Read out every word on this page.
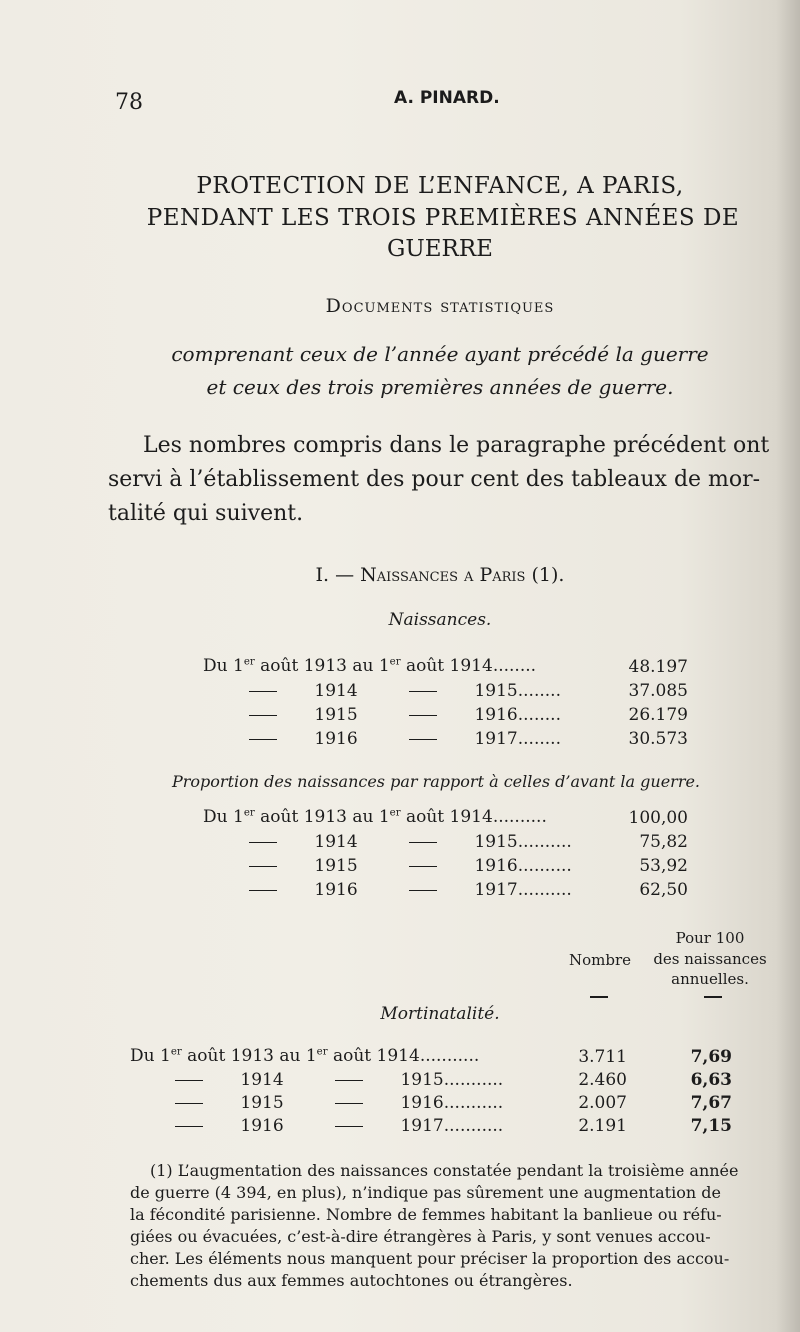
78	A. PINARD.
PROTECTION DE L’ENFANCE, A PARIS,
PENDANT LES TROIS PREMIÈRES ANNÉES DE
GUERRE
Documents statistiques
comprenant ceux de l’année ayant précédé la guerre
et ceux des trois premières années de guerre.
Les nombres compris dans le paragraphe précédent ont
servi à l’établissement des pour cent des tableaux de mor-
talité qui suivent.
I. — Naissances a Paris (1).
Naissances.
Du 1er août 1913 au 1er août 1914........	48.197
1914	1915........	37.085
1915	1916........	26.179
1916	1917........	30.573
Proportion des naissances par rapport à celles d’avant la guerre.
Du 1er août 1913 au 1er août 1914..........	100,00
1914	1915..........	75,82
1915	1916..........	53,92
1916	1917..........	62,50
Nombre
Pour 100
des naissances
annuelles.
Mortinatalité.
Du 1er août 1913 au 1er août 1914...........	3.711	7,69
1914	1915...........	2.460	6,63
1915	1916...........	2.007	7,67
1916	1917...........	2.191	7,15
(1) L’augmentation des naissances constatée pendant la troisième année
de guerre (4 394, en plus), n’indique pas sûrement une augmentation de
la fécondité parisienne. Nombre de femmes habitant la banlieue ou réfu-
giées ou évacuées, c’est-à-dire étrangères à Paris, y sont venues accou-
cher. Les éléments nous manquent pour préciser la proportion des accou-
chements dus aux femmes autochtones ou étrangères.
